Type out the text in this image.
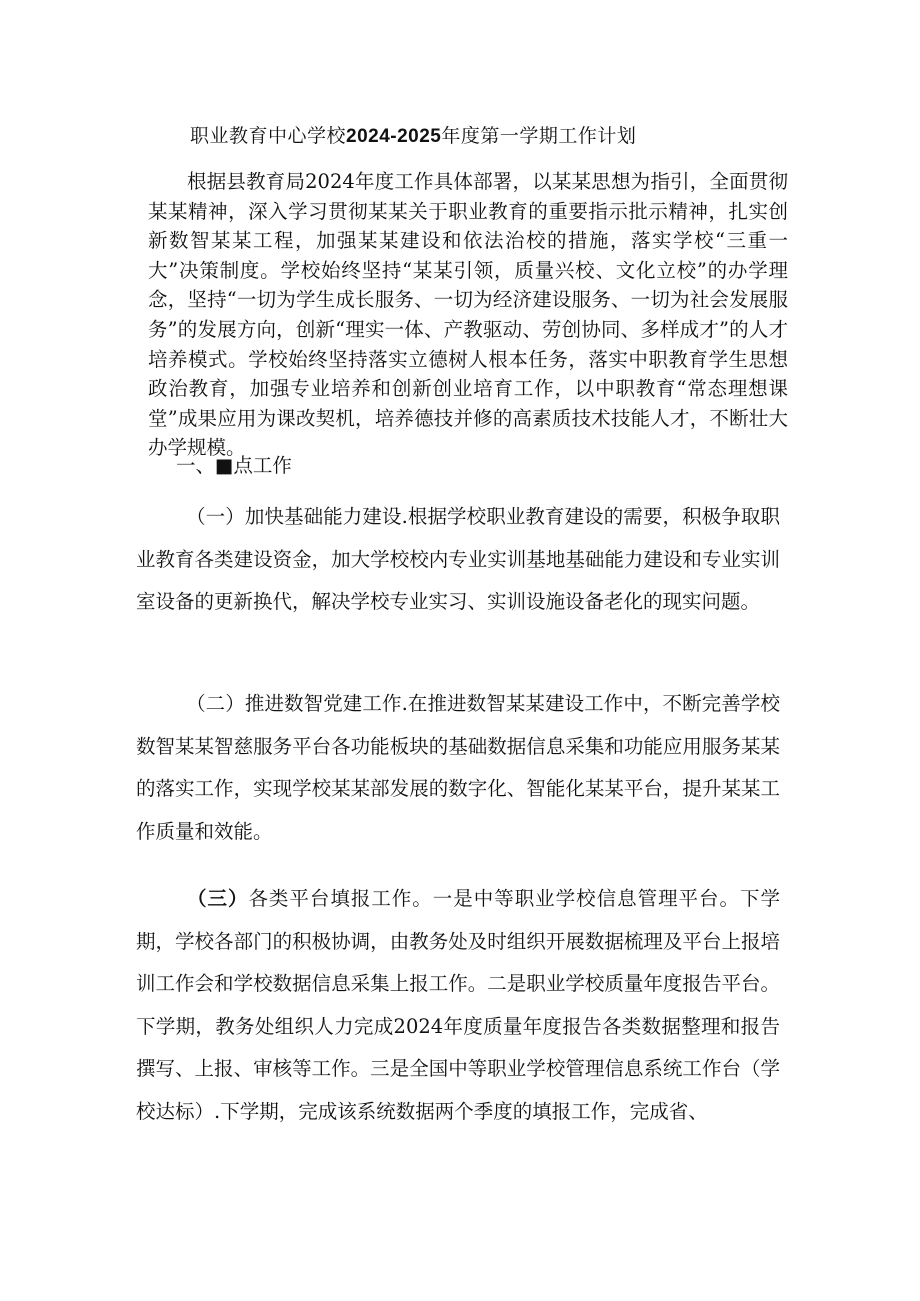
职业教育中心学校2024-2025年度第一学期工作计划

根据县教育局2024年度工作具体部署，以某某思想为指引，全面贯彻某某精神，深入学习贯彻某某关于职业教育的重要指示批示精神，扎实创新数智某某工程，加强某某建设和依法治校的措施，落实学校“三重一大”决策制度。学校始终坚持“某某引领，质量兴校、文化立校”的办学理念，坚持“一切为学生成长服务、一切为经济建设服务、一切为社会发展服务”的发展方向，创新“理实一体、产教驱动、劳创协同、多样成才”的人才培养模式。学校始终坚持落实立德树人根本任务，落实中职教育学生思想政治教育，加强专业培养和创新创业培育工作，以中职教育“常态理想课堂”成果应用为课改契机，培养德技并修的高素质技术技能人才，不断壮大办学规模。

一、■点工作

（一）加快基础能力建设.根据学校职业教育建设的需要，积极争取职业教育各类建设资金，加大学校校内专业实训基地基础能力建设和专业实训室设备的更新换代，解决学校专业实习、实训设施设备老化的现实问题。

（二）推进数智党建工作.在推进数智某某建设工作中，不断完善学校数智某某智慈服务平台各功能板块的基础数据信息采集和功能应用服务某某的落实工作，实现学校某某部发展的数字化、智能化某某平台，提升某某工作质量和效能。

（三）各类平台填报工作。一是中等职业学校信息管理平台。下学期，学校各部门的积极协调，由教务处及时组织开展数据梳理及平台上报培训工作会和学校数据信息采集上报工作。二是职业学校质量年度报告平台。下学期，教务处组织人力完成2024年度质量年度报告各类数据整理和报告撰写、上报、审核等工作。三是全国中等职业学校管理信息系统工作台（学校达标）.下学期，完成该系统数据两个季度的填报工作，完成省、
